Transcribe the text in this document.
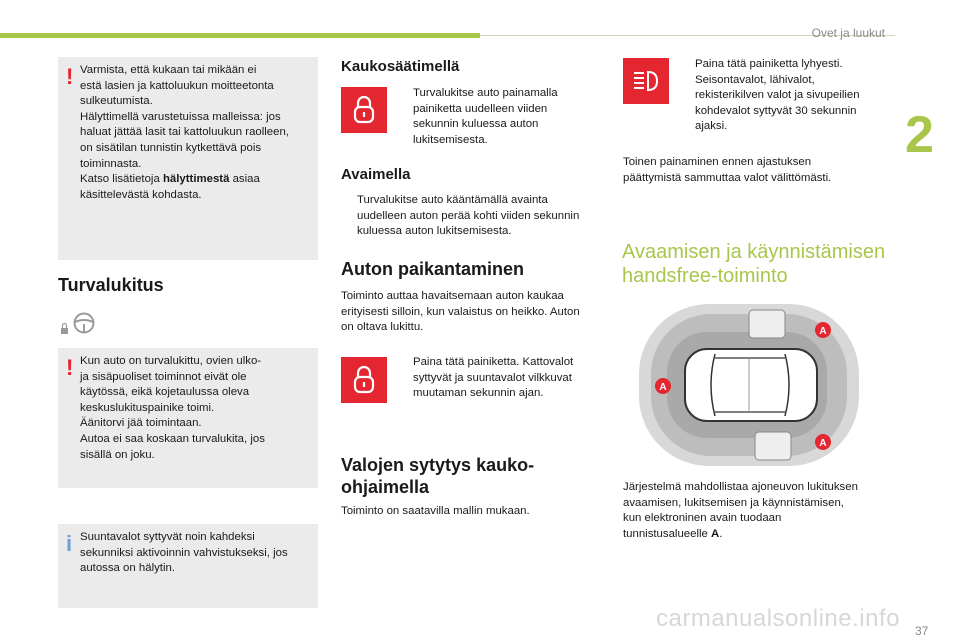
Ovet ja luukut
2
! Varmista, että kukaan tai mikään ei
estä lasien ja kattoluukun moitteetonta
sulkeutumista.
Hälyttimellä varustetuissa malleissa: jos
haluat jättää lasit tai kattoluukun raolleen,
on sisätilan tunnistin kytkettävä pois
toiminnasta.
Katso lisätietoja hälyttimestä asiaa
käsittelevästä kohdasta.
Turvalukitus
! Kun auto on turvalukittu, ovien ulko-
ja sisäpuoliset toiminnot eivät ole
käytössä, eikä kojetaulussa oleva
keskuslukituspainike toimi.
Äänitorvi jää toimintaan.
Autoa ei saa koskaan turvalukita, jos
sisällä on joku.
i Suuntavalot syttyvät noin kahdeksi
sekunniksi aktivoinnin vahvistukseksi, jos
autossa on hälytin.
Kaukosäätimellä
Turvalukitse auto painamalla
painiketta uudelleen viiden
sekunnin kuluessa auton
lukitsemisesta.
Avaimella
Turvalukitse auto kääntämällä avainta
uudelleen auton perää kohti viiden sekunnin
kuluessa auton lukitsemisesta.
Auton paikantaminen
Toiminto auttaa havaitsemaan auton kaukaa
erityisesti silloin, kun valaistus on heikko. Auton
on oltava lukittu.
Paina tätä painiketta. Kattovalot
syttyvät ja suuntavalot vilkkuvat
muutaman sekunnin ajan.
Valojen sytytys kauko-
ohjaimella
Toiminto on saatavilla mallin mukaan.
Paina tätä painiketta lyhyesti.
Seisontavalot, lähivalot,
rekisterikilven valot ja sivupeilien
kohdevalot syttyvät 30 sekunnin
ajaksi.
Toinen painaminen ennen ajastuksen
päättymistä sammuttaa valot välittömästi.
Avaamisen ja käynnistämisen
handsfree-toiminto
A
A
A
Järjestelmä mahdollistaa ajoneuvon lukituksen
avaamisen, lukitsemisen ja käynnistämisen,
kun elektroninen avain tuodaan
tunnistusalueelle A.
carmanualsonline.info 37
